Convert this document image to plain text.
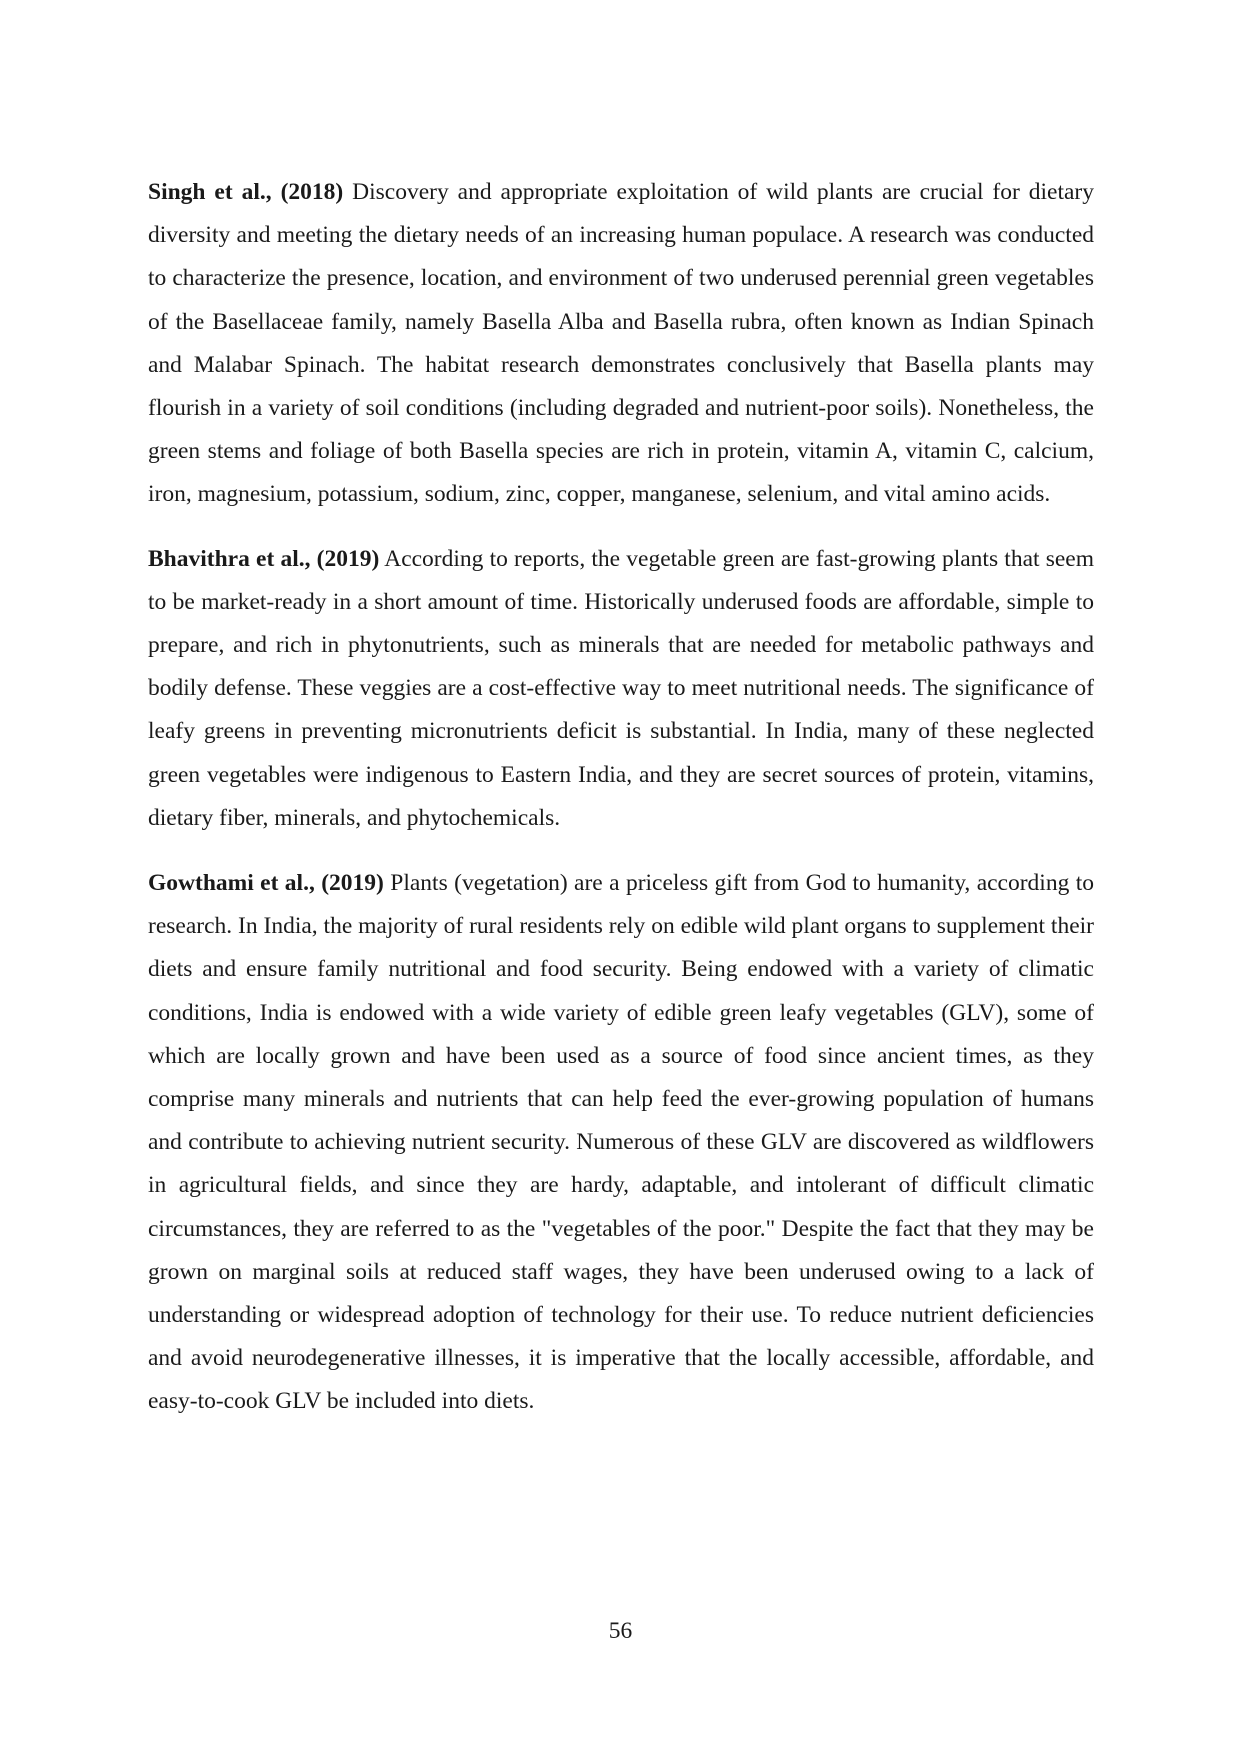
Singh et al., (2018) Discovery and appropriate exploitation of wild plants are crucial for dietary diversity and meeting the dietary needs of an increasing human populace. A research was conducted to characterize the presence, location, and environment of two underused perennial green vegetables of the Basellaceae family, namely Basella Alba and Basella rubra, often known as Indian Spinach and Malabar Spinach. The habitat research demonstrates conclusively that Basella plants may flourish in a variety of soil conditions (including degraded and nutrient-poor soils). Nonetheless, the green stems and foliage of both Basella species are rich in protein, vitamin A, vitamin C, calcium, iron, magnesium, potassium, sodium, zinc, copper, manganese, selenium, and vital amino acids.

Bhavithra et al., (2019) According to reports, the vegetable green are fast-growing plants that seem to be market-ready in a short amount of time. Historically underused foods are affordable, simple to prepare, and rich in phytonutrients, such as minerals that are needed for metabolic pathways and bodily defense. These veggies are a cost-effective way to meet nutritional needs. The significance of leafy greens in preventing micronutrients deficit is substantial. In India, many of these neglected green vegetables were indigenous to Eastern India, and they are secret sources of protein, vitamins, dietary fiber, minerals, and phytochemicals.

Gowthami et al., (2019) Plants (vegetation) are a priceless gift from God to humanity, according to research. In India, the majority of rural residents rely on edible wild plant organs to supplement their diets and ensure family nutritional and food security. Being endowed with a variety of climatic conditions, India is endowed with a wide variety of edible green leafy vegetables (GLV), some of which are locally grown and have been used as a source of food since ancient times, as they comprise many minerals and nutrients that can help feed the ever-growing population of humans and contribute to achieving nutrient security. Numerous of these GLV are discovered as wildflowers in agricultural fields, and since they are hardy, adaptable, and intolerant of difficult climatic circumstances, they are referred to as the "vegetables of the poor." Despite the fact that they may be grown on marginal soils at reduced staff wages, they have been underused owing to a lack of understanding or widespread adoption of technology for their use. To reduce nutrient deficiencies and avoid neurodegenerative illnesses, it is imperative that the locally accessible, affordable, and easy-to-cook GLV be included into diets.

56
